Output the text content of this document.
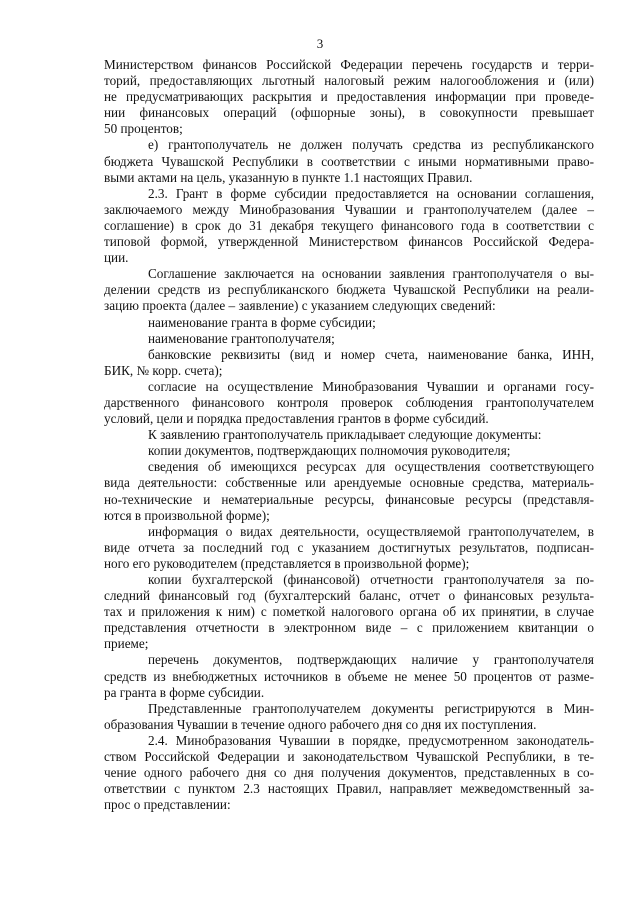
3

Министерством финансов Российской Федерации перечень государств и терри-

торий, предоставляющих льготный налоговый режим налогообложения и (или)

не предусматривающих раскрытия и предоставления информации при проведе-

нии финансовых операций (офшорные зоны), в совокупности превышает

50 процентов;

е) грантополучатель не должен получать средства из республиканского

бюджета Чувашской Республики в соответствии с иными нормативными право-

выми актами на цель, указанную в пункте 1.1 настоящих Правил.

2.3. Грант в форме субсидии предоставляется на основании соглашения,

заключаемого между Минобразования Чувашии и грантополучателем (далее –

соглашение) в срок до 31 декабря текущего финансового года в соответствии с

типовой формой, утвержденной Министерством финансов Российской Федера-

ции.

Соглашение заключается на основании заявления грантополучателя о вы-

делении средств из республиканского бюджета Чувашской Республики на реали-

зацию проекта (далее – заявление) с указанием следующих сведений:

наименование гранта в форме субсидии;

наименование грантополучателя;

банковские реквизиты (вид и номер счета, наименование банка, ИНН,

БИК, № корр. счета);

согласие на осуществление Минобразования Чувашии и органами госу-

дарственного финансового контроля проверок соблюдения грантополучателем

условий, цели и порядка предоставления грантов в форме субсидий.

К заявлению грантополучатель прикладывает следующие документы:

копии документов, подтверждающих полномочия руководителя;

сведения об имеющихся ресурсах для осуществления соответствующего

вида деятельности: собственные или арендуемые основные средства, материаль-

но-технические и нематериальные ресурсы, финансовые ресурсы (представля-

ются в произвольной форме);

информация о видах деятельности, осуществляемой грантополучателем, в

виде отчета за последний год с указанием достигнутых результатов, подписан-

ного его руководителем (представляется в произвольной форме);

копии бухгалтерской (финансовой) отчетности грантополучателя за по-

следний финансовый год (бухгалтерский баланс, отчет о финансовых результа-

тах и приложения к ним) с пометкой налогового органа об их принятии, в случае

представления отчетности в электронном виде – с приложением квитанции о

приеме;

перечень документов, подтверждающих наличие у грантополучателя

средств из внебюджетных источников в объеме не менее 50 процентов от разме-

ра гранта в форме субсидии.

Представленные грантополучателем документы регистрируются в Мин-

образования Чувашии в течение одного рабочего дня со дня их поступления.

2.4. Минобразования Чувашии в порядке, предусмотренном законодатель-

ством Российской Федерации и законодательством Чувашской Республики, в те-

чение одного рабочего дня со дня получения документов, представленных в со-

ответствии с пунктом 2.3 настоящих Правил, направляет межведомственный за-

прос о представлении:
